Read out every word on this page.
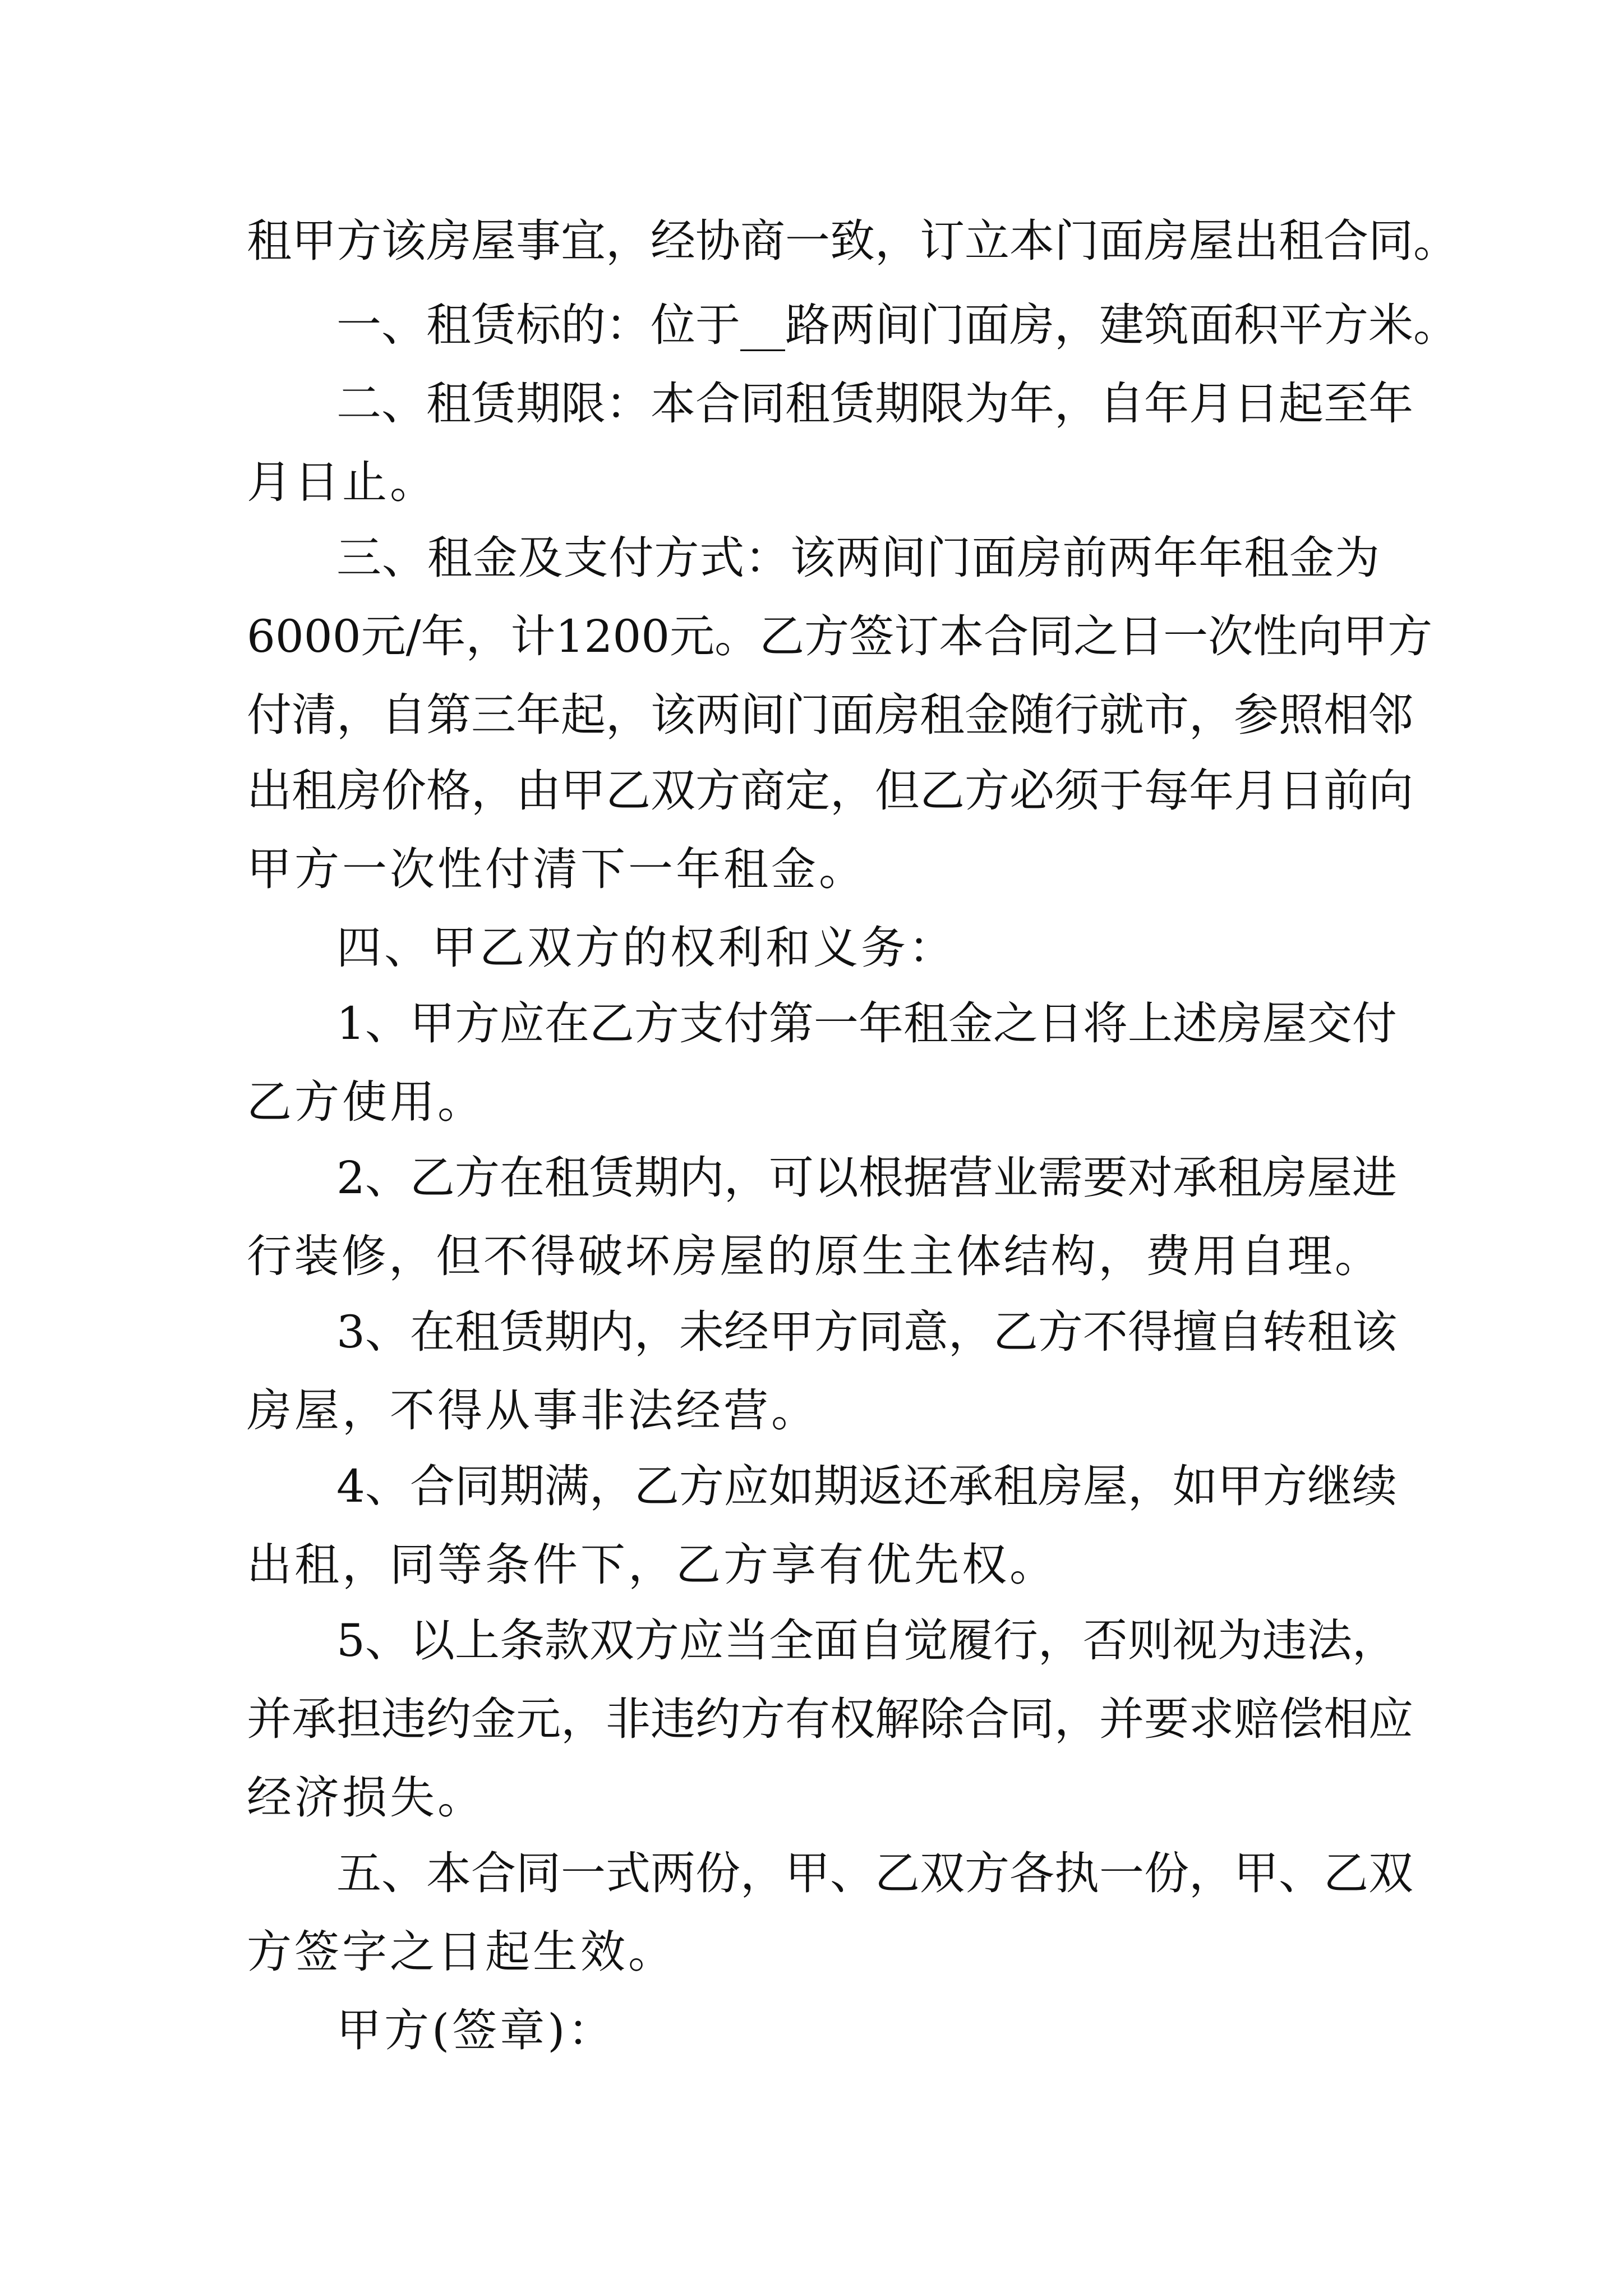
租 甲 方 该 房 屋 事 宜 ， 经 协 商 一 致 ， 订 立 本 门 面 房 屋 出 租 合 同 。
一 、 租 赁 标 的 ： 位 于 __ 路 两 间 门 面 房 ， 建 筑 面 积 平 方 米 。
二 、 租 赁 期 限 ： 本 合 同 租 赁 期 限 为 年 ， 自 年 月 日 起 至 年
月日止。
三 、 租 金 及 支 付 方 式 ： 该 两 间 门 面 房 前 两 年 年 租 金 为
6000 元 / 年 ， 计 1200 元 。 乙 方 签 订 本 合 同 之 日 一 次 性 向 甲 方
付 清 ， 自 第 三 年 起 ， 该 两 间 门 面 房 租 金 随 行 就 市 ， 参 照 相 邻
出 租 房 价 格 ， 由 甲 乙 双 方 商 定 ， 但 乙 方 必 须 于 每 年 月 日 前 向
甲方一次性付清下一年租金。
四、甲乙双方的权利和义务：
1 、 甲 方 应 在 乙 方 支 付 第 一 年 租 金 之 日 将 上 述 房 屋 交 付
乙方使用。
2 、 乙 方 在 租 赁 期 内 ， 可 以 根 据 营 业 需 要 对 承 租 房 屋 进
行 装 修 ， 但 不 得 破 坏 房 屋 的 原 生 主 体 结 构 ， 费 用 自 理 。
3 、 在 租 赁 期 内 ， 未 经 甲 方 同 意 ， 乙 方 不 得 擅 自 转 租 该
房屋，不得从事非法经营。
4 、 合 同 期 满 ， 乙 方 应 如 期 返 还 承 租 房 屋 ， 如 甲 方 继 续
出租，同等条件下，乙方享有优先权。
5 、 以 上 条 款 双 方 应 当 全 面 自 觉 履 行 ， 否 则 视 为 违 法 ，
并 承 担 违 约 金 元 ， 非 违 约 方 有 权 解 除 合 同 ， 并 要 求 赔 偿 相 应
经济损失。
五 、 本 合 同 一 式 两 份 ， 甲 、 乙 双 方 各 执 一 份 ， 甲 、 乙 双
方签字之日起生效。
甲方(签章)：
